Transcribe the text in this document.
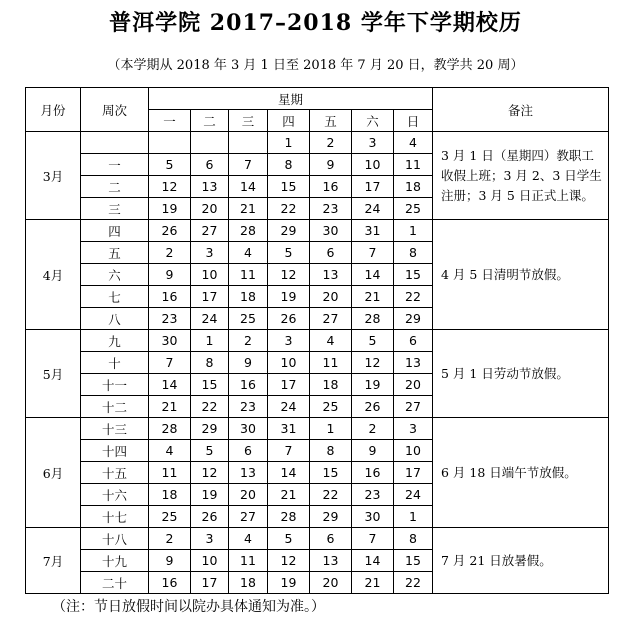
普洱学院 2017–2018 学年下学期校历
（本学期从 2018 年 3 月 1 日至 2018 年 7 月 20 日，教学共 20 周）
月份	周次	星期							备注
		一	二	三	四	五	六	日	
3月					1	2	3	4	3 月 1 日（星期四）教职工收假上班；3 月 2、3 日学生注册；3 月 5 日正式上课。
	一	5	6	7	8	9	10	11	
	二	12	13	14	15	16	17	18	
	三	19	20	21	22	23	24	25	
4月	四	26	27	28	29	30	31	1	4 月 5 日清明节放假。
	五	2	3	4	5	6	7	8	
	六	9	10	11	12	13	14	15	
	七	16	17	18	19	20	21	22	
	八	23	24	25	26	27	28	29	
5月	九	30	1	2	3	4	5	6	5 月 1 日劳动节放假。
	十	7	8	9	10	11	12	13	
	十一	14	15	16	17	18	19	20	
	十二	21	22	23	24	25	26	27	
6月	十三	28	29	30	31	1	2	3	6 月 18 日端午节放假。
	十四	4	5	6	7	8	9	10	
	十五	11	12	13	14	15	16	17	
	十六	18	19	20	21	22	23	24	
	十七	25	26	27	28	29	30	1	
7月	十八	2	3	4	5	6	7	8	7 月 21 日放暑假。
	十九	9	10	11	12	13	14	15	
	二十	16	17	18	19	20	21	22	
（注：节日放假时间以院办具体通知为准。）
